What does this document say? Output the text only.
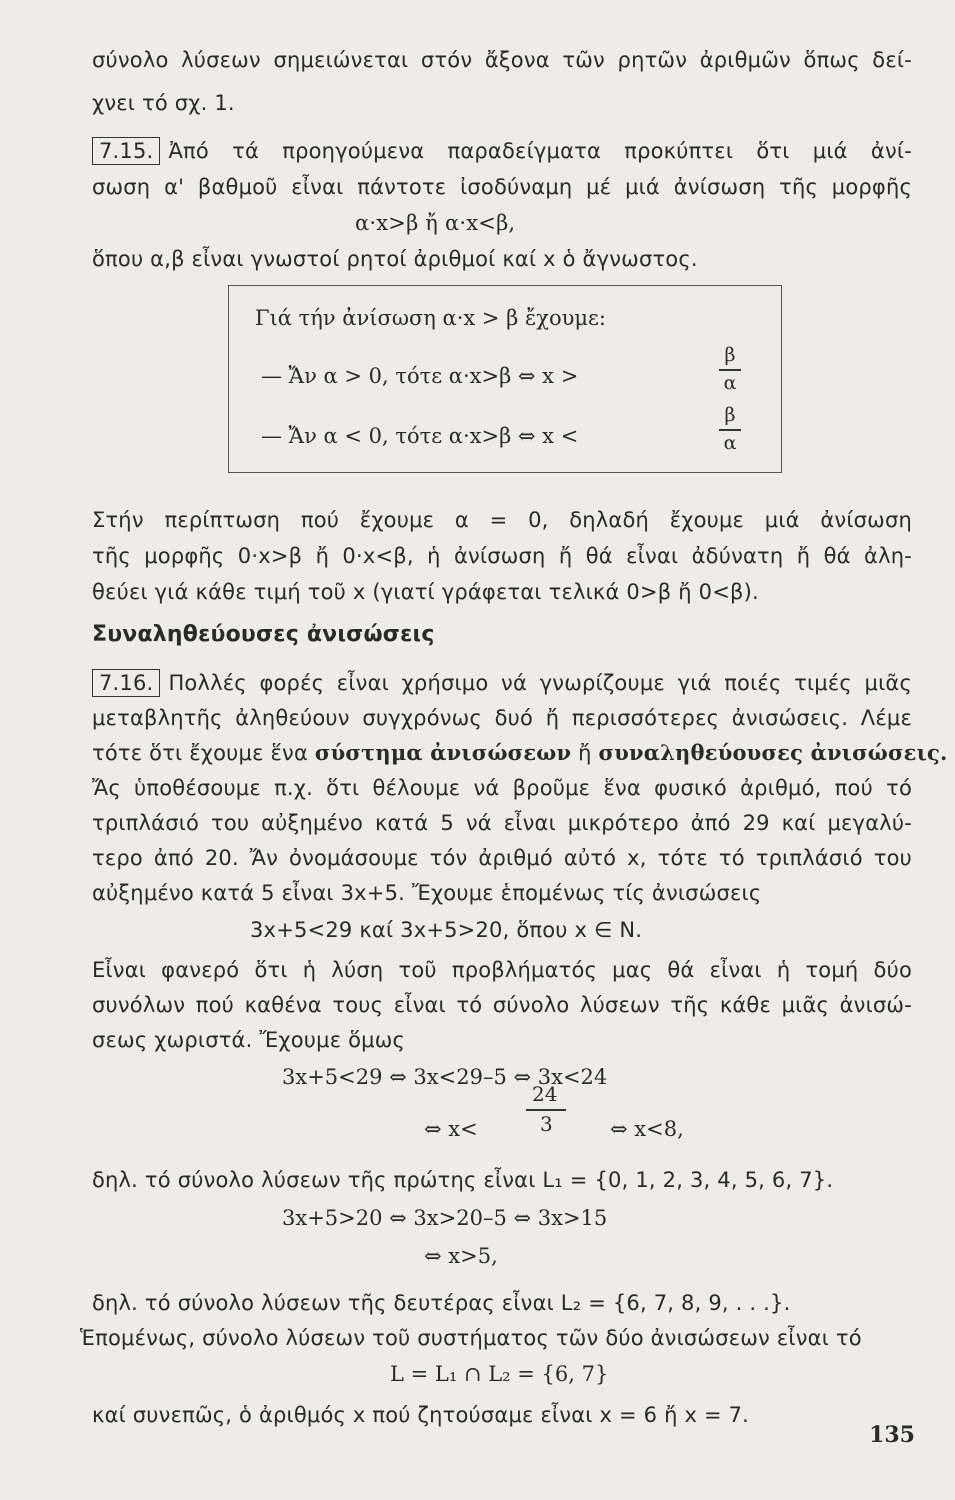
σύνολο λύσεων σημειώνεται στόν ἄξονα τῶν ρητῶν ἀριθμῶν ὅπως δεί-
χνει τό σχ. 1.
7.15. Ἀπό τά προηγούμενα παραδείγματα προκύπτει ὅτι μιά ἀνί-
σωση α' βαθμοῦ εἶναι πάντοτε ἰσοδύναμη μέ μιά ἀνίσωση τῆς μορφῆς
α·x>β ἤ α·x<β,
ὅπου α,β εἶναι γνωστοί ρητοί ἀριθμοί καί x ὁ ἄγνωστος.
Γιά τήν ἀνίσωση α·x > β ἔχουμε:
— Ἄν α > 0, τότε α·x>β ⇔ x >
β
α
— Ἄν α < 0, τότε α·x>β ⇔ x <
β
α
Στήν περίπτωση πού ἔχουμε α = 0, δηλαδή ἔχουμε μιά ἀνίσωση
τῆς μορφῆς 0·x>β ἤ 0·x<β, ἡ ἀνίσωση ἤ θά εἶναι ἀδύνατη ἤ θά ἀλη-
θεύει γιά κάθε τιμή τοῦ x (γιατί γράφεται τελικά 0>β ἤ 0<β).
Συναληθεύουσες ἀνισώσεις
7.16. Πολλές φορές εἶναι χρήσιμο νά γνωρίζουμε γιά ποιές τιμές μιᾶς
μεταβλητῆς ἀληθεύουν συγχρόνως δυό ἤ περισσότερες ἀνισώσεις. Λέμε
τότε ὅτι ἔχουμε ἕνα σύστημα ἀνισώσεων ἤ συναληθεύουσες ἀνισώσεις.
Ἄς ὑποθέσουμε π.χ. ὅτι θέλουμε νά βροῦμε ἕνα φυσικό ἀριθμό, πού τό
τριπλάσιό του αὐξημένο κατά 5 νά εἶναι μικρότερο ἀπό 29 καί μεγαλύ-
τερο ἀπό 20. Ἄν ὀνομάσουμε τόν ἀριθμό αὐτό x, τότε τό τριπλάσιό του
αὐξημένο κατά 5 εἶναι 3x+5. Ἔχουμε ἑπομένως τίς ἀνισώσεις
3x+5<29 καί 3x+5>20, ὅπου x ∈ N.
Εἶναι φανερό ὅτι ἡ λύση τοῦ προβλήματός μας θά εἶναι ἡ τομή δύο
συνόλων πού καθένα τους εἶναι τό σύνολο λύσεων τῆς κάθε μιᾶς ἀνισώ-
σεως χωριστά. Ἔχουμε ὅμως
3x+5<29 ⇔ 3x<29–5 ⇔ 3x<24
⇔ x<
24
3	⇔ x<8,
δηλ. τό σύνολο λύσεων τῆς πρώτης εἶναι L₁ = {0, 1, 2, 3, 4, 5, 6, 7}.
3x+5>20 ⇔ 3x>20–5 ⇔ 3x>15
⇔ x>5,
δηλ. τό σύνολο λύσεων τῆς δευτέρας εἶναι L₂ = {6, 7, 8, 9, . . .}.
Ἑπομένως, σύνολο λύσεων τοῦ συστήματος τῶν δύο ἀνισώσεων εἶναι τό
L = L₁ ∩ L₂ = {6, 7}
καί συνεπῶς, ὁ ἀριθμός x πού ζητούσαμε εἶναι x = 6 ἤ x = 7.
135
